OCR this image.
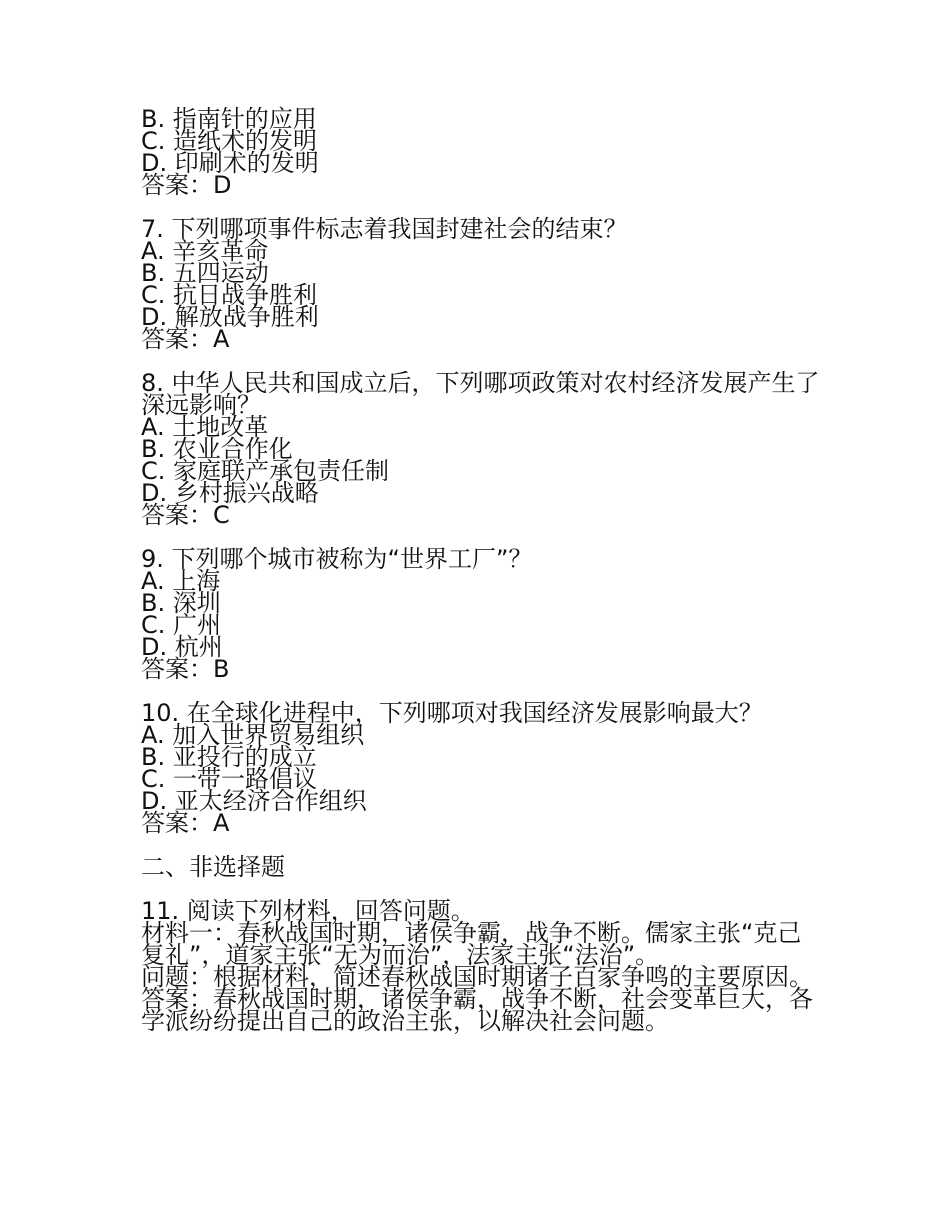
B. 指南针的应用

C. 造纸术的发明

D. 印刷术的发明

答案：D

7. 下列哪项事件标志着我国封建社会的结束？

A. 辛亥革命

B. 五四运动

C. 抗日战争胜利

D. 解放战争胜利

答案：A

8. 中华人民共和国成立后，下列哪项政策对农村经济发展产生了深远影响？

A. 土地改革

B. 农业合作化

C. 家庭联产承包责任制

D. 乡村振兴战略

答案：C

9. 下列哪个城市被称为“世界工厂”？

A. 上海

B. 深圳

C. 广州

D. 杭州

答案：B

10. 在全球化进程中，下列哪项对我国经济发展影响最大？

A. 加入世界贸易组织

B. 亚投行的成立

C. 一带一路倡议

D. 亚太经济合作组织

答案：A

二、非选择题

11. 阅读下列材料，回答问题。

材料一：春秋战国时期，诸侯争霸，战争不断。儒家主张“克己复礼”，道家主张“无为而治”，法家主张“法治”。

问题：根据材料，简述春秋战国时期诸子百家争鸣的主要原因。

答案：春秋战国时期，诸侯争霸，战争不断，社会变革巨大，各学派纷纷提出自己的政治主张，以解决社会问题。
